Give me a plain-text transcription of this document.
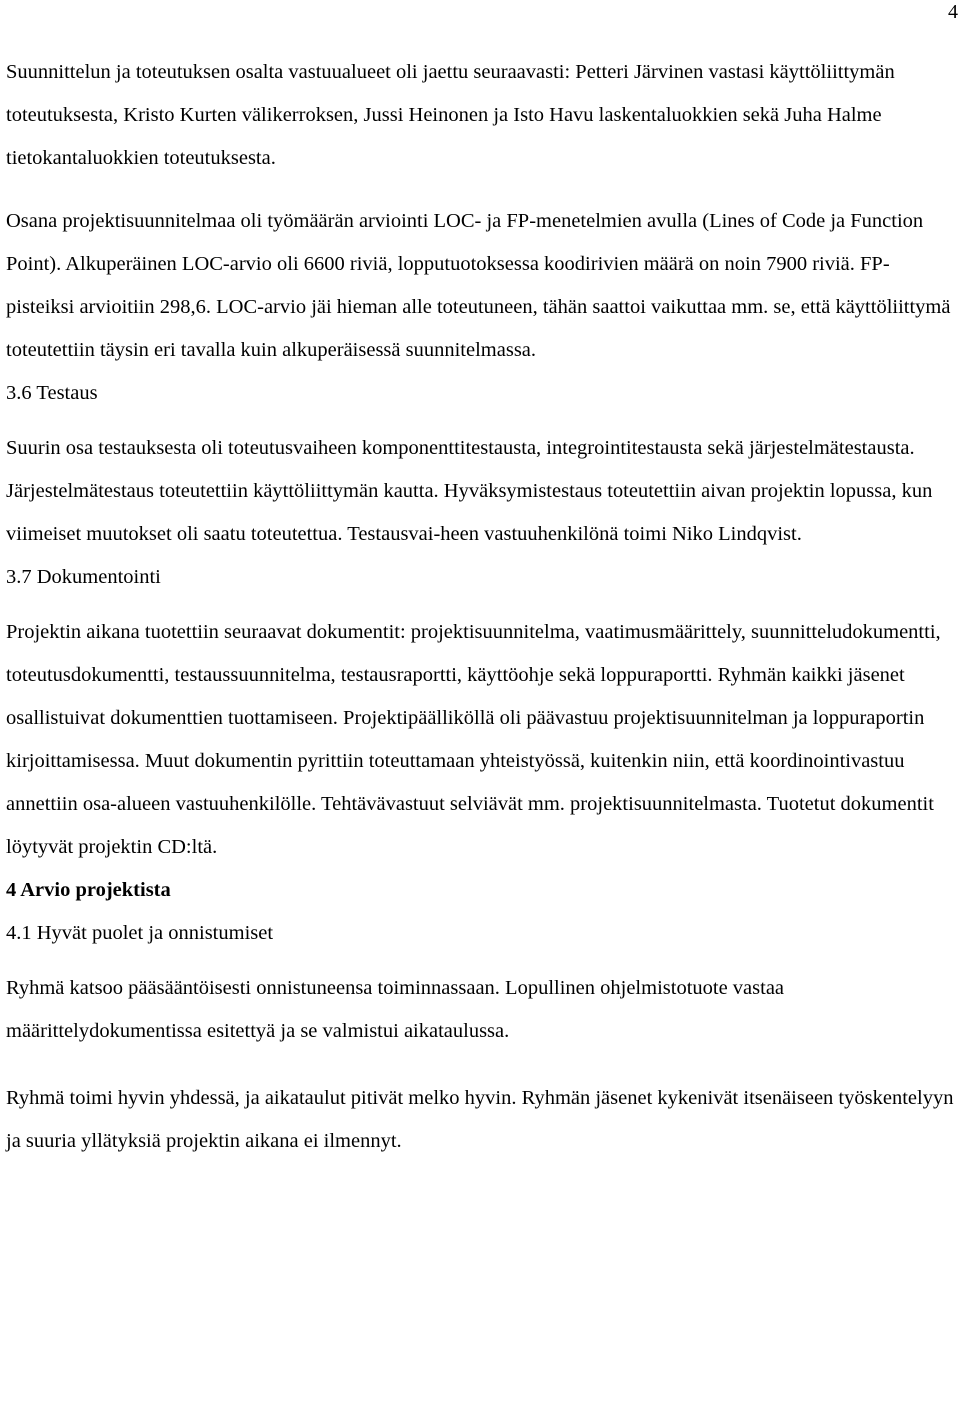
4

Suunnittelun ja toteutuksen osalta vastuualueet oli jaettu seuraavasti: Petteri Järvinen vastasi käyttöliittymän toteutuksesta, Kristo Kurten välikerroksen, Jussi Heinonen ja Isto Havu laskentaluokkien sekä Juha Halme tietokantaluokkien toteutuksesta.

Osana projektisuunnitelmaa oli työmäärän arviointi LOC- ja FP-menetelmien avulla (Lines of Code ja Function Point). Alkuperäinen LOC-arvio oli 6600 riviä, lopputuotoksessa koodirivien määrä on noin 7900 riviä. FP-pisteiksi arvioitiin 298,6. LOC-arvio jäi hieman alle toteutuneen, tähän saattoi vaikuttaa mm. se, että käyttöliittymä toteutettiin täysin eri tavalla kuin alkuperäisessä suunnitelmassa.

3.6 Testaus

Suurin osa testauksesta oli toteutusvaiheen komponenttitestausta, integrointitestausta sekä järjestelmätestausta. Järjestelmätestaus toteutettiin käyttöliittymän kautta. Hyväksymistestaus toteutettiin aivan projektin lopussa, kun viimeiset muutokset oli saatu toteutettua. Testausvai-heen vastuuhenkilönä toimi Niko Lindqvist.

3.7 Dokumentointi

Projektin aikana tuotettiin seuraavat dokumentit: projektisuunnitelma, vaatimusmäärittely, suunnitteludokumentti, toteutusdokumentti, testaussuunnitelma, testausraportti, käyttöohje sekä loppuraportti. Ryhmän kaikki jäsenet osallistuivat dokumenttien tuottamiseen. Projektipäälliköllä oli päävastuu projektisuunnitelman ja loppuraportin kirjoittamisessa. Muut dokumentin pyrittiin toteuttamaan yhteistyössä, kuitenkin niin, että koordinointivastuu annettiin osa-alueen vastuuhenkilölle. Tehtävävastuut selviävät mm. projektisuunnitelmasta. Tuotetut dokumentit löytyvät projektin CD:ltä.

4 Arvio projektista
4.1 Hyvät puolet ja onnistumiset

Ryhmä katsoo pääsääntöisesti onnistuneensa toiminnassaan. Lopullinen ohjelmistotuote vastaa määrittelydokumentissa esitettyä ja se valmistui aikataulussa.

Ryhmä toimi hyvin yhdessä, ja aikataulut pitivät melko hyvin. Ryhmän jäsenet kykenivät itsenäiseen työskentelyyn ja suuria yllätyksiä projektin aikana ei ilmennyt.
